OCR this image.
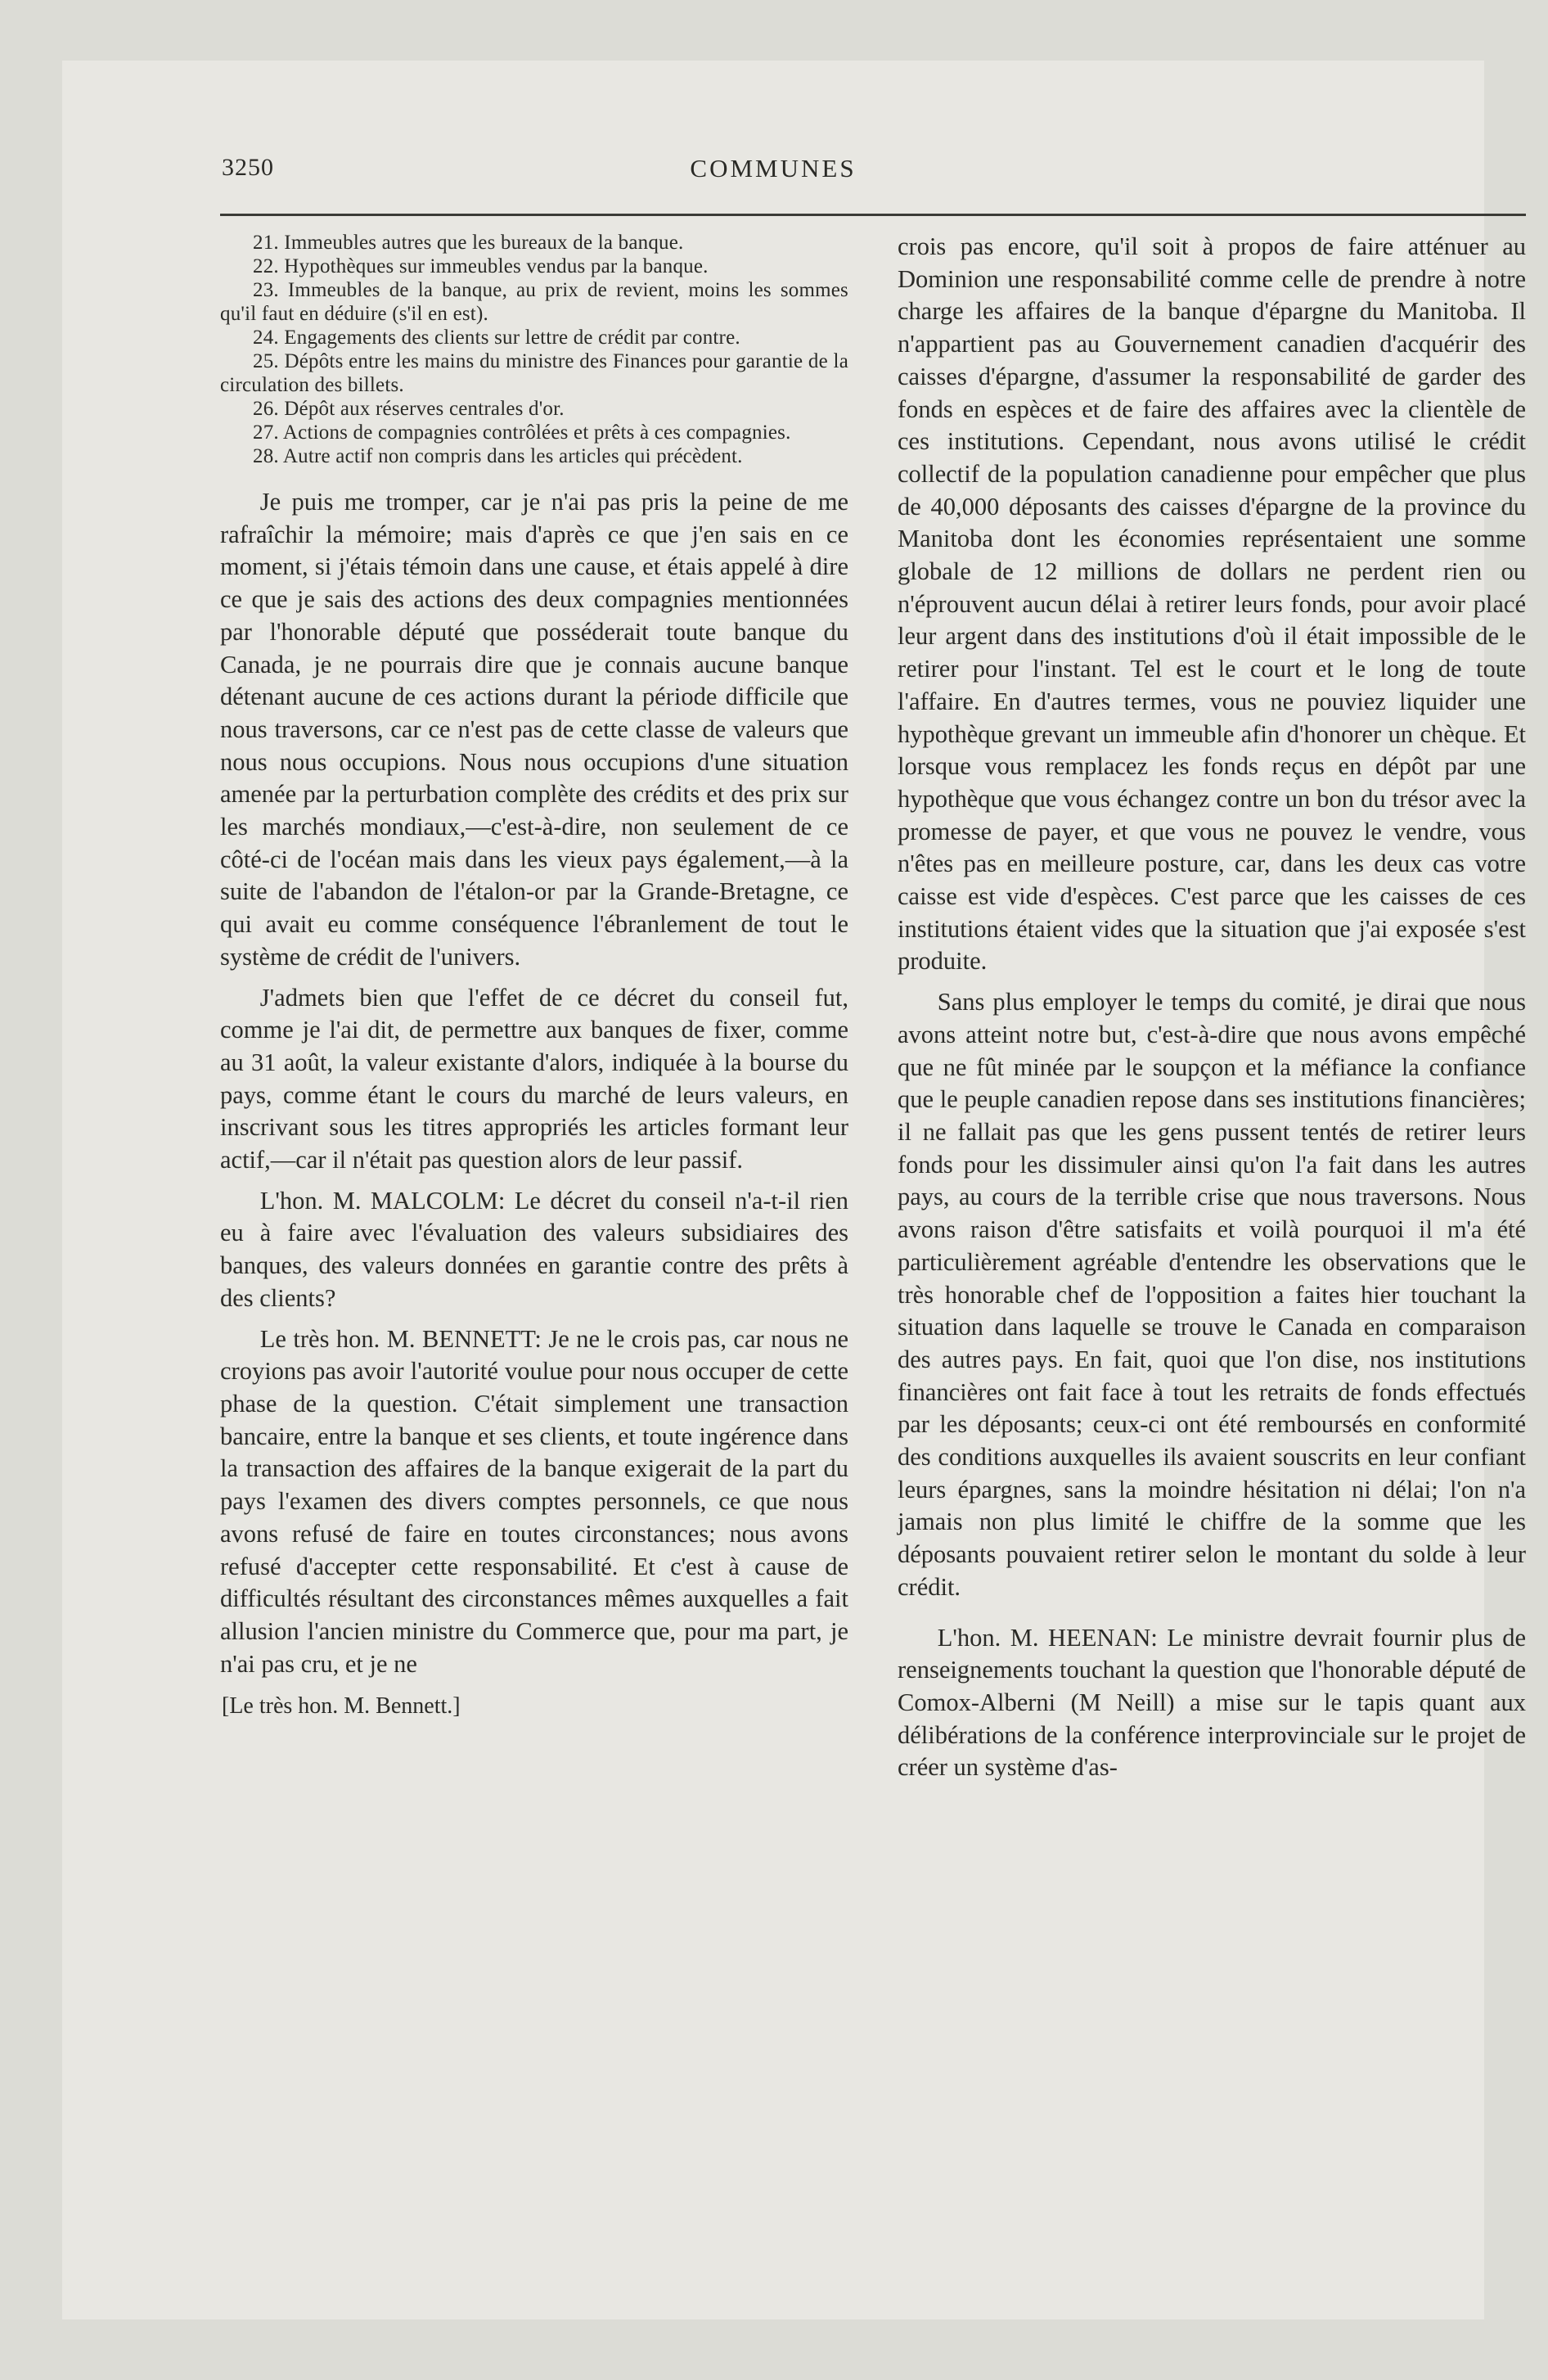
3250	COMMUNES

21. Immeubles autres que les bureaux de la banque.

22. Hypothèques sur immeubles vendus par la banque.

23. Immeubles de la banque, au prix de revient, moins les sommes qu'il faut en déduire (s'il en est).

24. Engagements des clients sur lettre de crédit par contre.

25. Dépôts entre les mains du ministre des Finances pour garantie de la circulation des billets.

26. Dépôt aux réserves centrales d'or.

27. Actions de compagnies contrôlées et prêts à ces compagnies.

28. Autre actif non compris dans les articles qui précèdent.

Je puis me tromper, car je n'ai pas pris la peine de me rafraîchir la mémoire; mais d'après ce que j'en sais en ce moment, si j'étais témoin dans une cause, et étais appelé à dire ce que je sais des actions des deux compagnies mentionnées par l'honorable député que posséderait toute banque du Canada, je ne pourrais dire que je connais aucune banque détenant aucune de ces actions durant la période difficile que nous traversons, car ce n'est pas de cette classe de valeurs que nous nous occupions. Nous nous occupions d'une situation amenée par la perturbation complète des crédits et des prix sur les marchés mondiaux,—c'est-à-dire, non seulement de ce côté-ci de l'océan mais dans les vieux pays également,—à la suite de l'abandon de l'étalon-or par la Grande-Bretagne, ce qui avait eu comme conséquence l'ébranlement de tout le système de crédit de l'univers.

J'admets bien que l'effet de ce décret du conseil fut, comme je l'ai dit, de permettre aux banques de fixer, comme au 31 août, la valeur existante d'alors, indiquée à la bourse du pays, comme étant le cours du marché de leurs valeurs, en inscrivant sous les titres appropriés les articles formant leur actif,—car il n'était pas question alors de leur passif.

L'hon. M. MALCOLM: Le décret du conseil n'a-t-il rien eu à faire avec l'évaluation des valeurs subsidiaires des banques, des valeurs données en garantie contre des prêts à des clients?

Le très hon. M. BENNETT: Je ne le crois pas, car nous ne croyions pas avoir l'autorité voulue pour nous occuper de cette phase de la question. C'était simplement une transaction bancaire, entre la banque et ses clients, et toute ingérence dans la transaction des affaires de la banque exigerait de la part du pays l'examen des divers comptes personnels, ce que nous avons refusé de faire en toutes circonstances; nous avons refusé d'accepter cette responsabilité. Et c'est à cause de difficultés résultant des circonstances mêmes auxquelles a fait allusion l'ancien ministre du Commerce que, pour ma part, je n'ai pas cru, et je ne

[Le très hon. M. Bennett.]

crois pas encore, qu'il soit à propos de faire atténuer au Dominion une responsabilité comme celle de prendre à notre charge les affaires de la banque d'épargne du Manitoba. Il n'appartient pas au Gouvernement canadien d'acquérir des caisses d'épargne, d'assumer la responsabilité de garder des fonds en espèces et de faire des affaires avec la clientèle de ces institutions. Cependant, nous avons utilisé le crédit collectif de la population canadienne pour empêcher que plus de 40,000 déposants des caisses d'épargne de la province du Manitoba dont les économies représentaient une somme globale de 12 millions de dollars ne perdent rien ou n'éprouvent aucun délai à retirer leurs fonds, pour avoir placé leur argent dans des institutions d'où il était impossible de le retirer pour l'instant. Tel est le court et le long de toute l'affaire. En d'autres termes, vous ne pouviez liquider une hypothèque grevant un immeuble afin d'honorer un chèque. Et lorsque vous remplacez les fonds reçus en dépôt par une hypothèque que vous échangez contre un bon du trésor avec la promesse de payer, et que vous ne pouvez le vendre, vous n'êtes pas en meilleure posture, car, dans les deux cas votre caisse est vide d'espèces. C'est parce que les caisses de ces institutions étaient vides que la situation que j'ai exposée s'est produite.

Sans plus employer le temps du comité, je dirai que nous avons atteint notre but, c'est-à-dire que nous avons empêché que ne fût minée par le soupçon et la méfiance la confiance que le peuple canadien repose dans ses institutions financières; il ne fallait pas que les gens pussent tentés de retirer leurs fonds pour les dissimuler ainsi qu'on l'a fait dans les autres pays, au cours de la terrible crise que nous traversons. Nous avons raison d'être satisfaits et voilà pourquoi il m'a été particulièrement agréable d'entendre les observations que le très honorable chef de l'opposition a faites hier touchant la situation dans laquelle se trouve le Canada en comparaison des autres pays. En fait, quoi que l'on dise, nos institutions financières ont fait face à tout les retraits de fonds effectués par les déposants; ceux-ci ont été remboursés en conformité des conditions auxquelles ils avaient souscrits en leur confiant leurs épargnes, sans la moindre hésitation ni délai; l'on n'a jamais non plus limité le chiffre de la somme que les déposants pouvaient retirer selon le montant du solde à leur crédit.

L'hon. M. HEENAN: Le ministre devrait fournir plus de renseignements touchant la question que l'honorable député de Comox-Alberni (M Neill) a mise sur le tapis quant aux délibérations de la conférence interprovinciale sur le projet de créer un système d'as-
